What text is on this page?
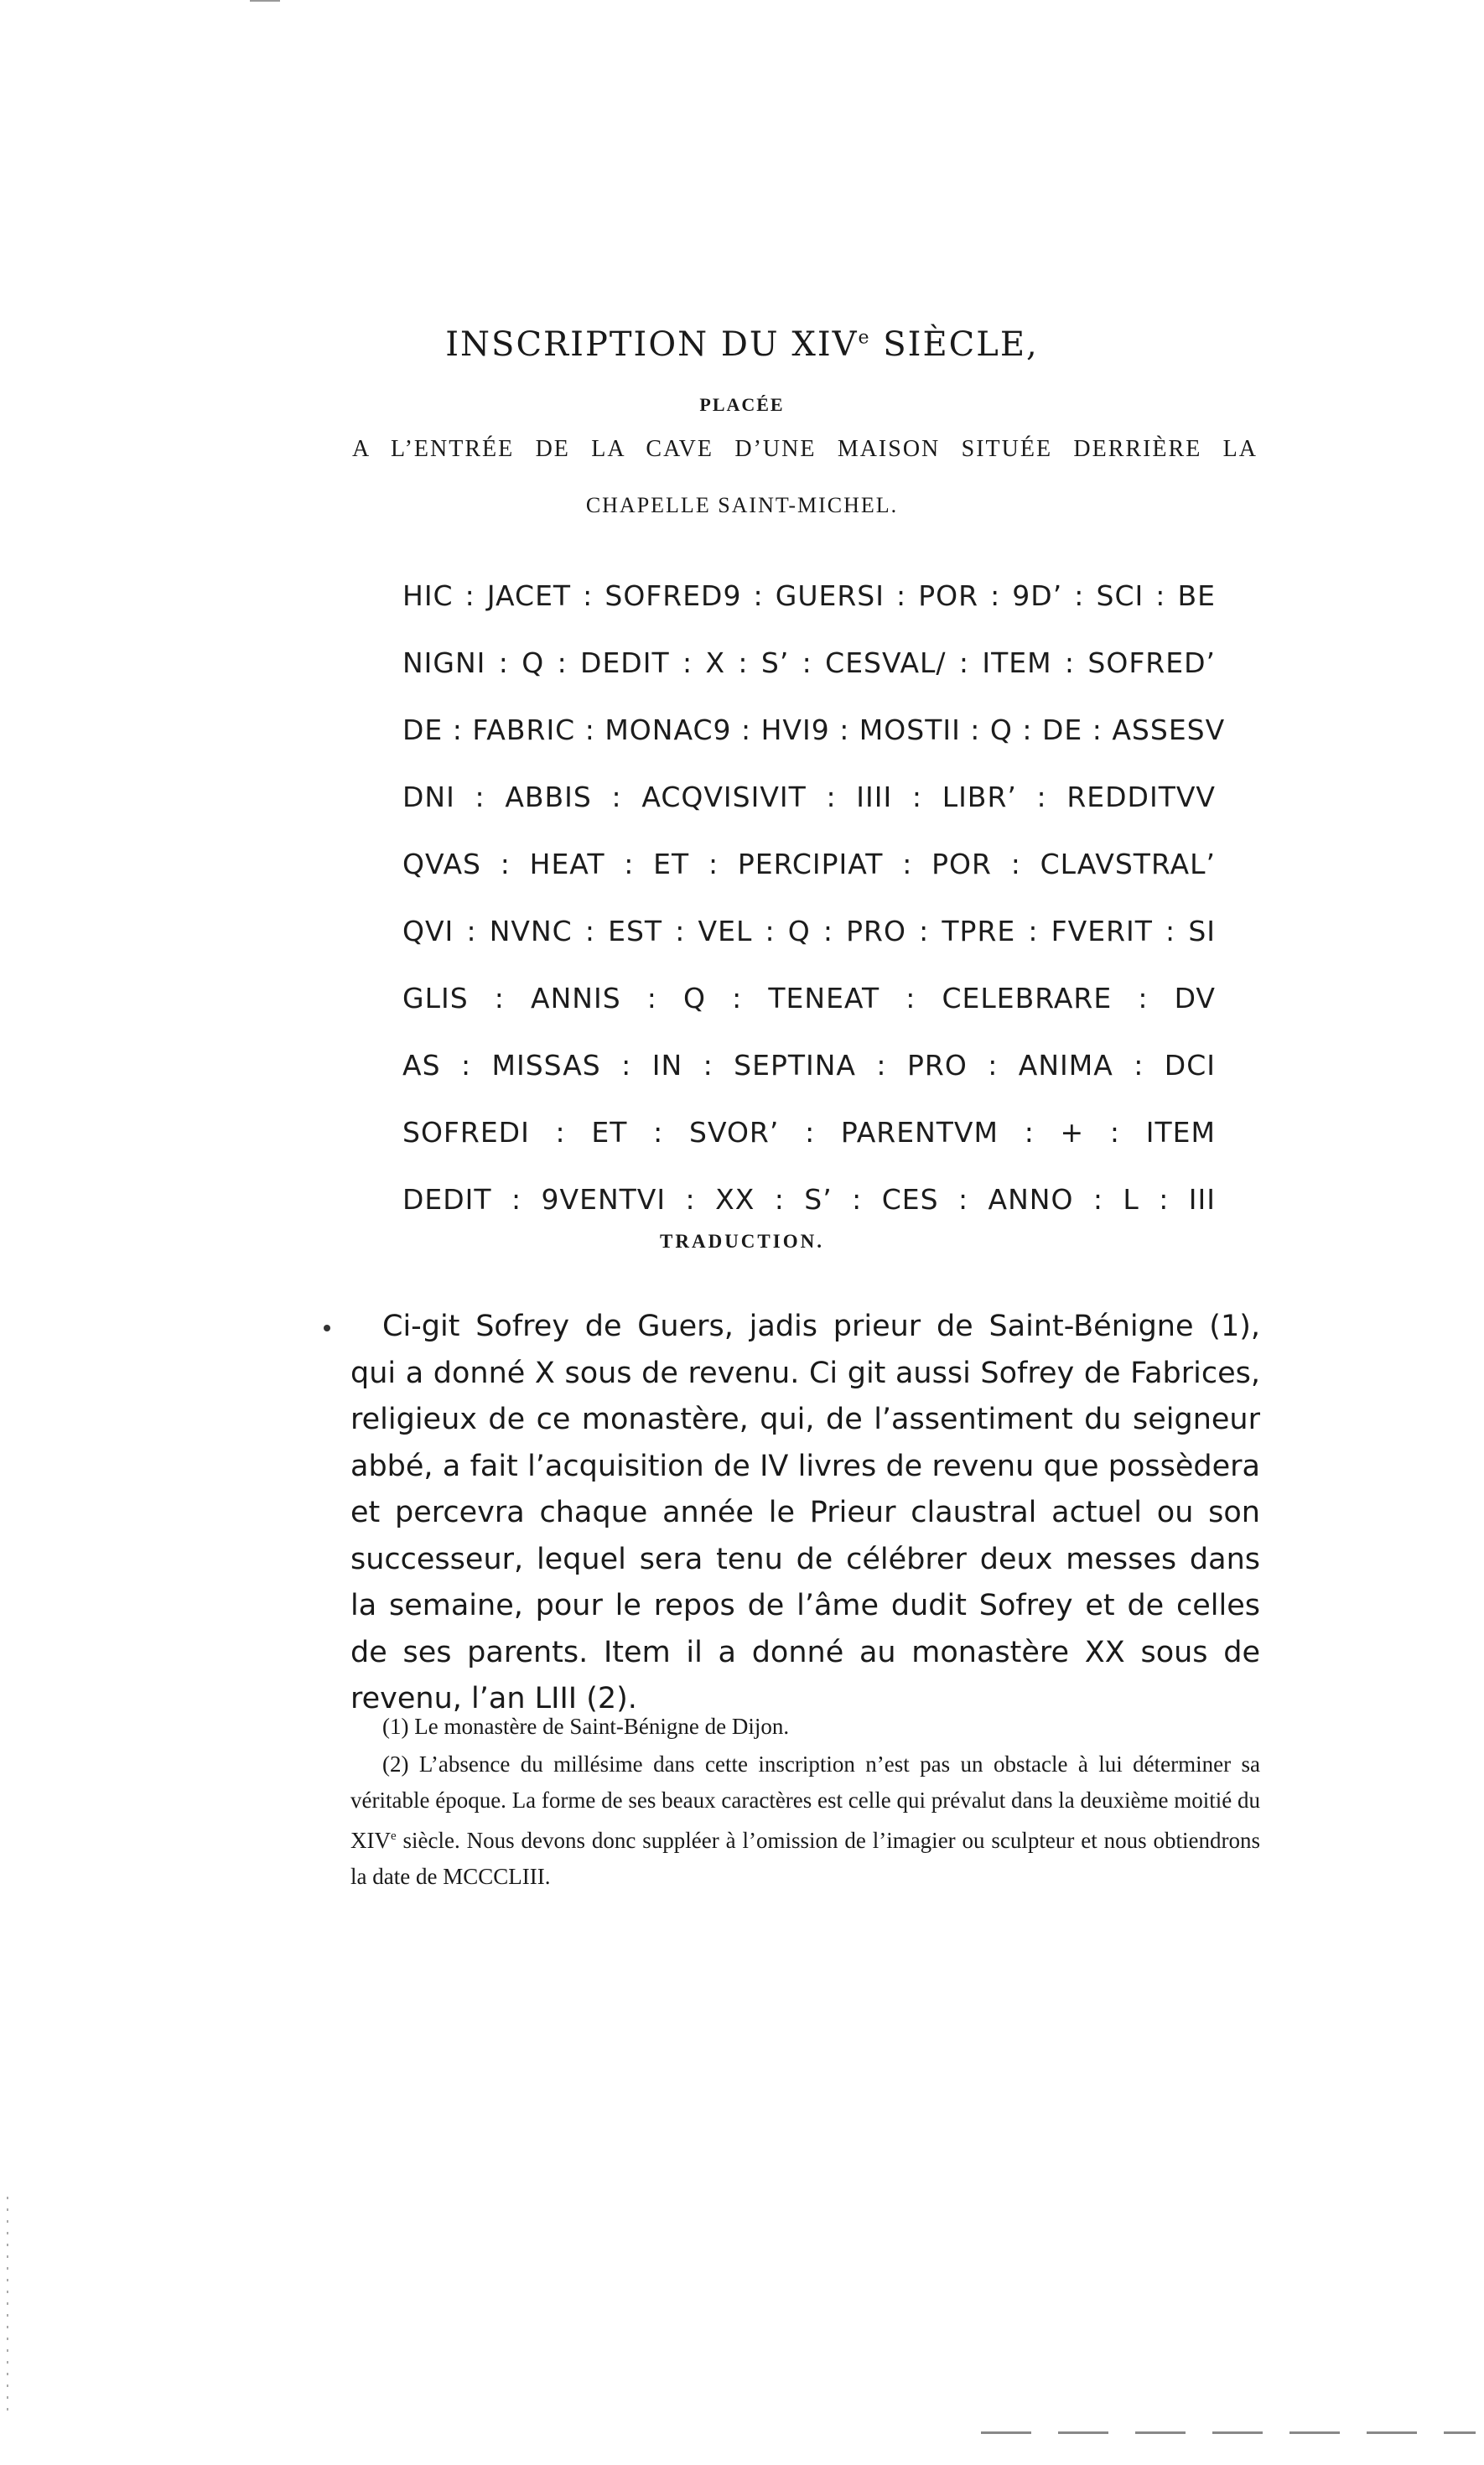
INSCRIPTION DU XIVe SIÈCLE,
PLACÉE
A L’ENTRÉE DE LA CAVE D’UNE MAISON SITUÉE DERRIÈRE LA
CHAPELLE SAINT-MICHEL.
HIC : JACET : SOFRED9 : GUERSI : POR : 9D’ : SCI : BE
NIGNI : Q : DEDIT : X : S’ : CESVAL/ : ITEM : SOFRED’
DE : FABRIC : MONAC9 : HVI9 : MOSTII : Q : DE : ASSESV
DNI : ABBIS : ACQVISIVIT : IIII : LIBR’ : REDDITVV
QVAS : HEAT : ET : PERCIPIAT : POR : CLAVSTRAL’
QVI : NVNC : EST : VEL : Q : PRO : TPRE : FVERIT : SI
GLIS : ANNIS : Q : TENEAT : CELEBRARE : DV
AS : MISSAS : IN : SEPTINA : PRO : ANIMA : DCI
SOFREDI : ET : SVOR’ : PARENTVM : + : ITEM
DEDIT : 9VENTVI : XX : S’ : CES : ANNO : L : III
TRADUCTION.

Ci-git Sofrey de Guers, jadis prieur de Saint-Bénigne (1), qui a donné X sous de revenu. Ci git aussi Sofrey de Fabrices, religieux de ce monastère, qui, de l’assentiment du seigneur abbé, a fait l’acquisition de IV livres de revenu que possèdera et percevra chaque année le Prieur claustral actuel ou son successeur, lequel sera tenu de célébrer deux messes dans la semaine, pour le repos de l’âme dudit Sofrey et de celles de ses parents. Item il a donné au monastère XX sous de revenu, l’an LIII (2).

(1) Le monastère de Saint-Bénigne de Dijon.

(2) L’absence du millésime dans cette inscription n’est pas un obstacle à lui déterminer sa véritable époque. La forme de ses beaux caractères est celle qui prévalut dans la deuxième moitié du XIVe siècle. Nous devons donc suppléer à l’omission de l’imagier ou sculpteur et nous obtiendrons la date de MCCCLIII.
